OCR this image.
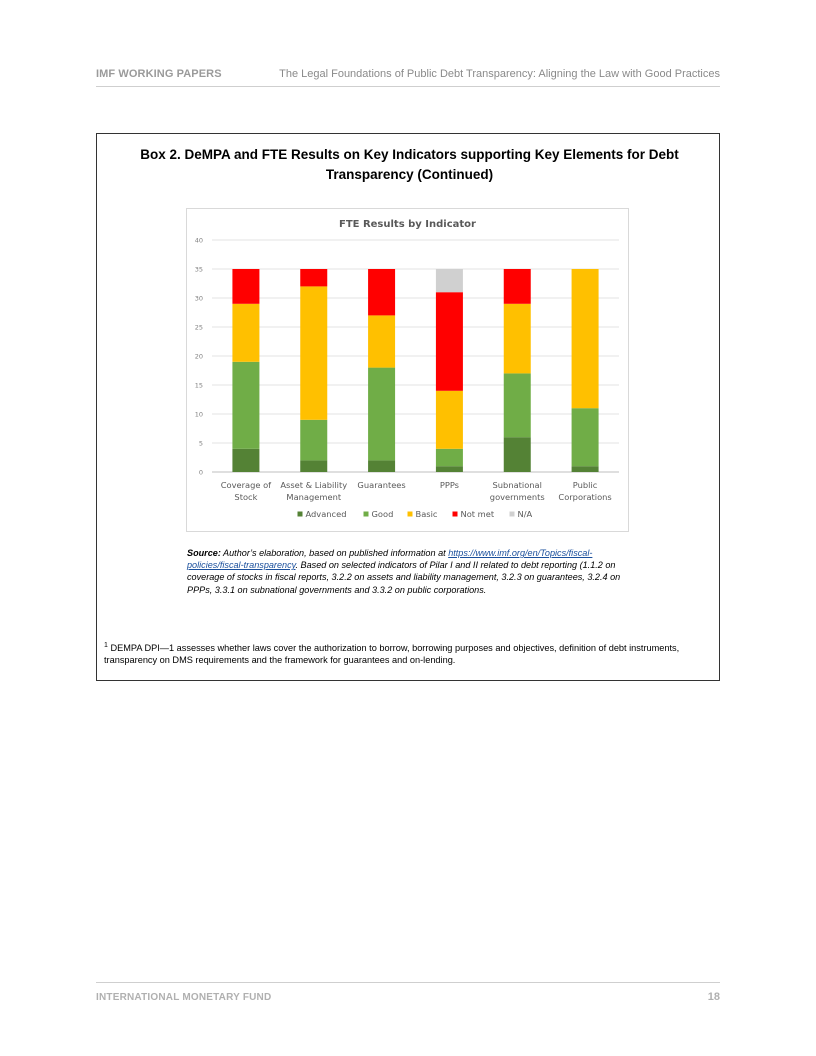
IMF WORKING PAPERS	The Legal Foundations of Public Debt Transparency: Aligning the Law with Good Practices
Box 2. DeMPA and FTE Results on Key Indicators supporting Key Elements for Debt
Transparency (Continued)
FTE Results by Indicator
0
5
10
15
20
25
30
35
40
Coverage of
Stock
Asset & Liability
Management
Guarantees	PPPs	Subnational
governments
Public
Corporations
Advanced	Good	Basic	Not met	N/A
Source: Author’s elaboration, based on published information at https://www.imf.org/en/Topics/fiscal-policies/fiscal-transparency. Based on selected indicators of Pilar I and II related to debt reporting (1.1.2 on coverage of stocks in fiscal reports, 3.2.2 on assets and liability management, 3.2.3 on guarantees, 3.2.4 on PPPs, 3.3.1 on subnational governments and 3.3.2 on public corporations.
$^1$ DEMPA DPI—1 assesses whether laws cover the authorization to borrow, borrowing purposes and objectives, definition of debt instruments, transparency on DMS requirements and the framework for guarantees and on-lending.
INTERNATIONAL MONETARY FUND	18
